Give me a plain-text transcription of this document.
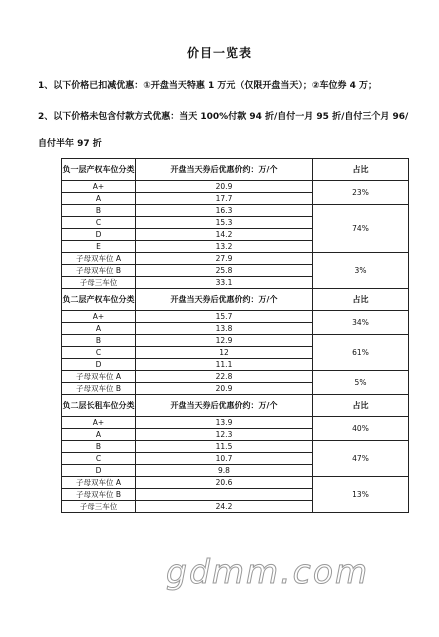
价目一览表
1、以下价格已扣减优惠：①开盘当天特惠 1 万元（仅限开盘当天）；②车位券 4 万；
2、以下价格未包含付款方式优惠：当天 100%付款 94 折/自付一月 95 折/自付三个月 96/
自付半年 97 折
负一层产权车位分类	开盘当天券后优惠价约：万/个	占比
A+	20.9	23%
A	17.7	
B	16.3	74%
C	15.3	
D	14.2	
E	13.2	
子母双车位 A	27.9	3%
子母双车位 B	25.8	
子母三车位	33.1	
负二层产权车位分类	开盘当天券后优惠价约：万/个	占比
A+	15.7	34%
A	13.8	
B	12.9	61%
C	12	
D	11.1	
子母双车位 A	22.8	5%
子母双车位 B	20.9	
负二层长租车位分类	开盘当天券后优惠价约：万/个	占比
A+	13.9	40%
A	12.3	
B	11.5	47%
C	10.7	
D	9.8	
子母双车位 A	20.6	13%
子母双车位 B		
子母三车位	24.2	
gdmm.com
